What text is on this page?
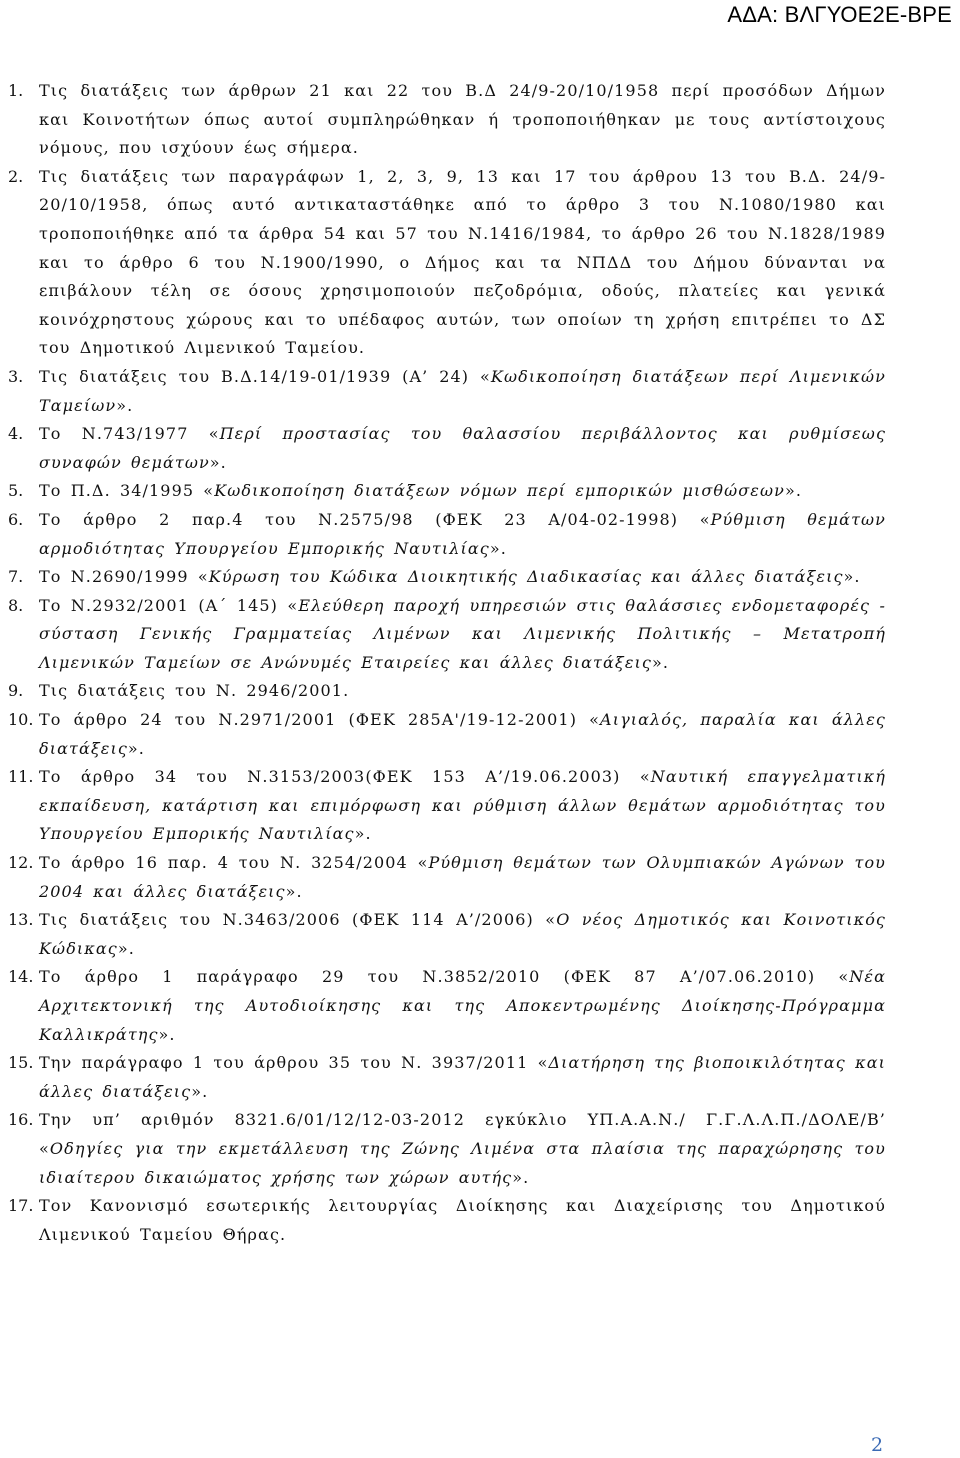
ΑΔΑ: ΒΛΓΥΟΕ2Ε-ΒΡΕ
1. Τις διατάξεις των άρθρων 21 και 22 του Β.Δ 24/9-20/10/1958 περί προσόδων Δήμων και Κοινοτήτων όπως αυτοί συμπληρώθηκαν ή τροποποιήθηκαν με τους αντίστοιχους νόμους, που ισχύουν έως σήμερα.
2. Τις διατάξεις των παραγράφων 1, 2, 3, 9, 13 και 17 του άρθρου 13 του Β.Δ. 24/9-20/10/1958, όπως αυτό αντικαταστάθηκε από το άρθρο 3 του Ν.1080/1980 και τροποποιήθηκε από τα άρθρα 54 και 57 του Ν.1416/1984, το άρθρο 26 του Ν.1828/1989 και το άρθρο 6 του Ν.1900/1990, ο Δήμος και τα ΝΠΔΔ του Δήμου δύνανται να επιβάλουν τέλη σε όσους χρησιμοποιούν πεζοδρόμια, οδούς, πλατείες και γενικά κοινόχρηστους χώρους και το υπέδαφος αυτών, των οποίων τη χρήση επιτρέπει το ΔΣ του Δημοτικού Λιμενικού Ταμείου.
3. Τις διατάξεις του Β.Δ.14/19-01/1939 (Α’ 24) «Κωδικοποίηση διατάξεων περί Λιμενικών Ταμείων».
4. Το Ν.743/1977 «Περί προστασίας του θαλασσίου περιβάλλοντος και ρυθμίσεως συναφών θεμάτων».
5. Το Π.Δ. 34/1995 «Κωδικοποίηση διατάξεων νόμων περί εμπορικών μισθώσεων».
6. Το άρθρο 2 παρ.4 του Ν.2575/98 (ΦΕΚ 23 Α/04-02-1998) «Ρύθμιση θεμάτων αρμοδιότητας Υπουργείου Εμπορικής Ναυτιλίας».
7. Το Ν.2690/1999 «Κύρωση του Κώδικα Διοικητικής Διαδικασίας και άλλες διατάξεις».
8. Το Ν.2932/2001 (Α΄ 145) «Ελεύθερη παροχή υπηρεσιών στις θαλάσσιες ενδομεταφορές - σύσταση Γενικής Γραμματείας Λιμένων και Λιμενικής Πολιτικής – Μετατροπή Λιμενικών Ταμείων σε Ανώνυμές Εταιρείες και άλλες διατάξεις».
9. Τις διατάξεις του Ν. 2946/2001.
10. Το άρθρο 24 του Ν.2971/2001 (ΦΕΚ 285Α'/19-12-2001) «Αιγιαλός, παραλία και άλλες διατάξεις».
11. Το άρθρο 34 του Ν.3153/2003(ΦΕΚ 153 Α’/19.06.2003) «Ναυτική επαγγελματική εκπαίδευση, κατάρτιση και επιμόρφωση και ρύθμιση άλλων θεμάτων αρμοδιότητας του Υπουργείου Εμπορικής Ναυτιλίας».
12. Το άρθρο 16 παρ. 4 του Ν. 3254/2004 «Ρύθμιση θεμάτων των Ολυμπιακών Αγώνων του 2004 και άλλες διατάξεις».
13. Τις διατάξεις του Ν.3463/2006 (ΦΕΚ 114 Α’/2006) «Ο νέος Δημοτικός και Κοινοτικός Κώδικας».
14. Το άρθρο 1 παράγραφο 29 του Ν.3852/2010 (ΦΕΚ 87 Α’/07.06.2010) «Νέα Αρχιτεκτονική της Αυτοδιοίκησης και της Αποκεντρωμένης Διοίκησης-Πρόγραμμα Καλλικράτης».
15. Την παράγραφο 1 του άρθρου 35 του Ν. 3937/2011 «Διατήρηση της βιοποικιλότητας και άλλες διατάξεις».
16. Την υπ’ αριθμόν 8321.6/01/12/12-03-2012 εγκύκλιο ΥΠ.Α.Α.Ν./ Γ.Γ.Λ.Λ.Π./ΔΟΛΕ/Β’ «Οδηγίες για την εκμετάλλευση της Ζώνης Λιμένα στα πλαίσια της παραχώρησης του ιδιαίτερου δικαιώματος χρήσης των χώρων αυτής».
17. Τον Κανονισμό εσωτερικής λειτουργίας Διοίκησης και Διαχείρισης του Δημοτικού Λιμενικού Ταμείου Θήρας.
2
